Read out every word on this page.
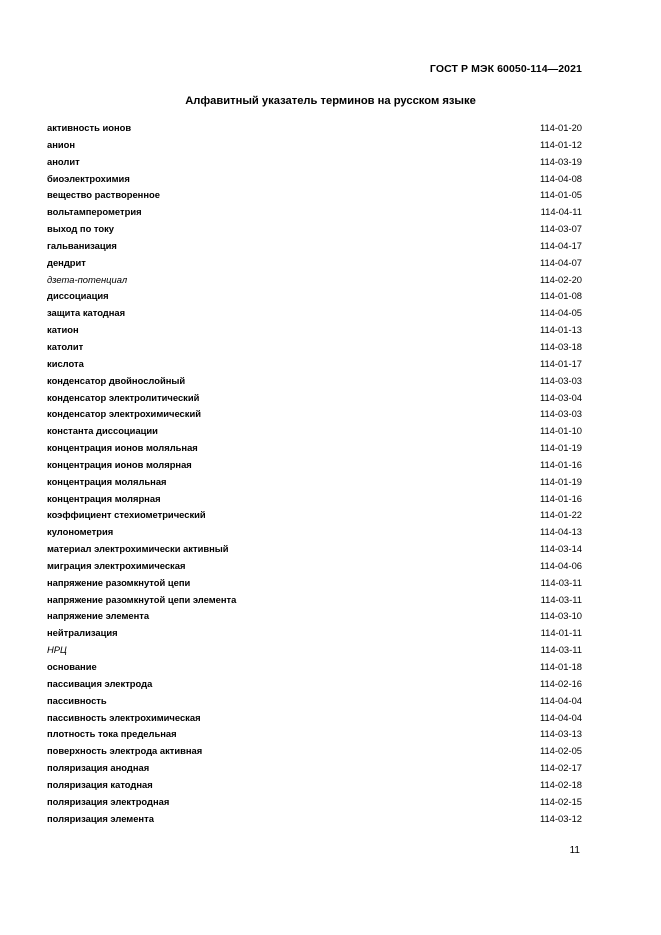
ГОСТ Р МЭК 60050-114—2021
Алфавитный указатель терминов на русском языке
активность ионов	114-01-20
анион	114-01-12
анолит	114-03-19
биоэлектрохимия	114-04-08
вещество растворенное	114-01-05
вольтамперометрия	114-04-11
выход по току	114-03-07
гальванизация	114-04-17
дендрит	114-04-07
дзета-потенциал	114-02-20
диссоциация	114-01-08
защита катодная	114-04-05
катион	114-01-13
католит	114-03-18
кислота	114-01-17
конденсатор двойнослойный	114-03-03
конденсатор электролитический	114-03-04
конденсатор электрохимический	114-03-03
константа диссоциации	114-01-10
концентрация ионов моляльная	114-01-19
концентрация ионов молярная	114-01-16
концентрация моляльная	114-01-19
концентрация молярная	114-01-16
коэффициент стехиометрический	114-01-22
кулонометрия	114-04-13
материал электрохимически активный	114-03-14
миграция электрохимическая	114-04-06
напряжение разомкнутой цепи	114-03-11
напряжение разомкнутой цепи элемента	114-03-11
напряжение элемента	114-03-10
нейтрализация	114-01-11
НРЦ	114-03-11
основание	114-01-18
пассивация электрода	114-02-16
пассивность	114-04-04
пассивность электрохимическая	114-04-04
плотность тока предельная	114-03-13
поверхность электрода активная	114-02-05
поляризация анодная	114-02-17
поляризация катодная	114-02-18
поляризация электродная	114-02-15
поляризация элемента	114-03-12
11
